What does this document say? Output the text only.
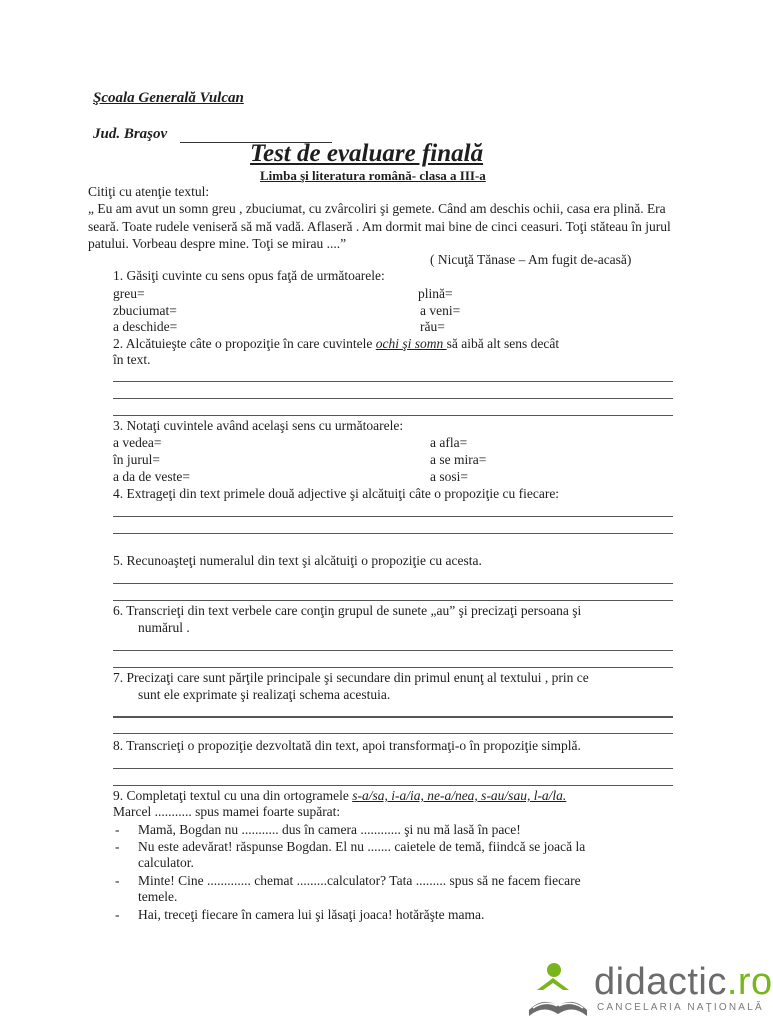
Şcoala Generală Vulcan
Jud. Braşov
Test de evaluare finală
Limba şi literatura română- clasa a III-a
Citiţi cu atenţie textul:
„ Eu am avut un somn greu , zbuciumat, cu zvârcoliri şi gemete. Când am deschis ochii, casa era plină. Era seară. Toate rudele veniseră să mă vadă. Aflaseră . Am dormit mai bine de cinci ceasuri. Toţi stăteau în jurul patului. Vorbeau despre mine. Toţi se mirau ....”
( Nicuţă Tănase – Am fugit de-acasă)
1. Găsiţi cuvinte cu sens opus faţă de următoarele:
greu=
zbuciumat=
a deschide=
plină=
a veni=
rău=
2. Alcătuieşte câte o propoziţie în care cuvintele ochi şi somn să aibă alt sens decât
în text.
3. Notaţi cuvintele având acelaşi sens cu următoarele:
a vedea=
în jurul=
a da de veste=
a afla=
a se mira=
a sosi=
4. Extrageţi din text primele două adjective şi alcătuiţi câte o propoziţie cu fiecare:
5. Recunoaşteţi numeralul din text şi alcătuiţi o propoziţie cu acesta.
6. Transcrieţi din text verbele care conţin grupul de sunete „au” şi precizaţi persoana şi
numărul .
7. Precizaţi care sunt părţile principale şi secundare din primul enunţ al textului , prin ce
sunt ele exprimate şi realizaţi schema acestuia.
8. Transcrieţi o propoziţie dezvoltată din text, apoi transformaţi-o în propoziţie simplă.
9. Completaţi textul cu una din ortogramele s-a/sa, i-a/ia, ne-a/nea, s-au/sau, l-a/la.
Marcel ........... spus mamei foarte supărat:
- Mamă, Bogdan nu ........... dus în camera ............ şi nu mă lasă în pace!
- Nu este adevărat! răspunse Bogdan. El nu ....... caietele de temă, fiindcă se joacă la
calculator.
- Minte! Cine ............. chemat .........calculator? Tata ......... spus să ne facem fiecare
temele.
- Hai, treceţi fiecare în camera lui şi lăsaţi joaca! hotărăşte mama.
didactic.ro
CANCELARIA NAŢIONALĂ
